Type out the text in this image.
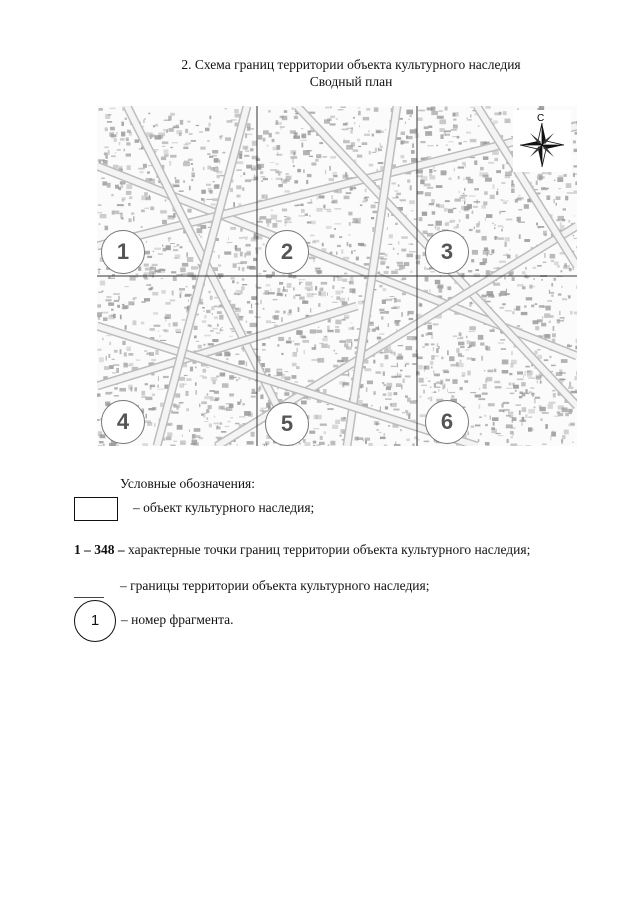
2. Схема границ территории объекта культурного наследия
Сводный план
С
1	2	3
4	5	6
Условные обозначения:
– объект культурного наследия;
1 – 348 – характерные точки границ территории объекта культурного наследия;
– границы территории объекта культурного наследия;
1	– номер фрагмента.
